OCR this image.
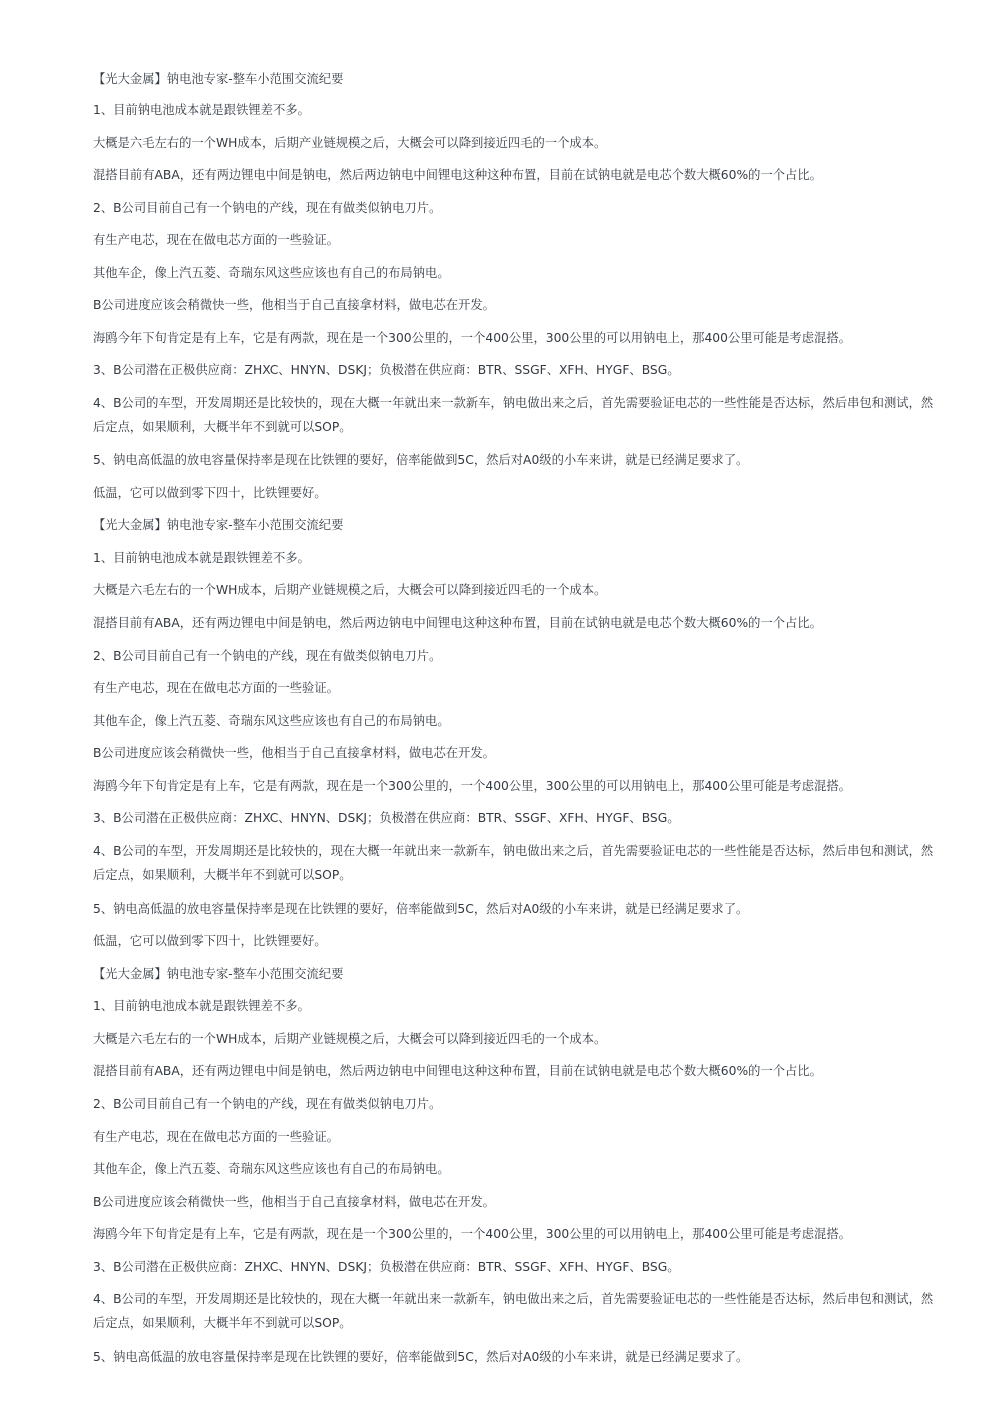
【光大金属】钠电池专家-整车小范围交流纪要
1、目前钠电池成本就是跟铁锂差不多。
大概是六毛左右的一个WH成本，后期产业链规模之后，大概会可以降到接近四毛的一个成本。
混搭目前有ABA，还有两边锂电中间是钠电，然后两边钠电中间锂电这种这种布置，目前在试钠电就是电芯个数大概60%的一个占比。
2、B公司目前自己有一个钠电的产线，现在有做类似钠电刀片。
有生产电芯，现在在做电芯方面的一些验证。
其他车企，像上汽五菱、奇瑞东风这些应该也有自己的布局钠电。
B公司进度应该会稍微快一些，他相当于自己直接拿材料，做电芯在开发。
海鸥今年下旬肯定是有上车，它是有两款，现在是一个300公里的，一个400公里，300公里的可以用钠电上，那400公里可能是考虑混搭。
3、B公司潜在正极供应商：ZHXC、HNYN、DSKJ；负极潜在供应商：BTR、SSGF、XFH、HYGF、BSG。
4、B公司的车型，开发周期还是比较快的，现在大概一年就出来一款新车，钠电做出来之后，首先需要验证电芯的一些性能是否达标，然后串包和测试，然后定点，如果顺利，大概半年不到就可以SOP。
5、钠电高低温的放电容量保持率是现在比铁锂的要好，倍率能做到5C，然后对A0级的小车来讲，就是已经满足要求了。
低温，它可以做到零下四十，比铁锂要好。
【光大金属】钠电池专家-整车小范围交流纪要
1、目前钠电池成本就是跟铁锂差不多。
大概是六毛左右的一个WH成本，后期产业链规模之后，大概会可以降到接近四毛的一个成本。
混搭目前有ABA，还有两边锂电中间是钠电，然后两边钠电中间锂电这种这种布置，目前在试钠电就是电芯个数大概60%的一个占比。
2、B公司目前自己有一个钠电的产线，现在有做类似钠电刀片。
有生产电芯，现在在做电芯方面的一些验证。
其他车企，像上汽五菱、奇瑞东风这些应该也有自己的布局钠电。
B公司进度应该会稍微快一些，他相当于自己直接拿材料，做电芯在开发。
海鸥今年下旬肯定是有上车，它是有两款，现在是一个300公里的，一个400公里，300公里的可以用钠电上，那400公里可能是考虑混搭。
3、B公司潜在正极供应商：ZHXC、HNYN、DSKJ；负极潜在供应商：BTR、SSGF、XFH、HYGF、BSG。
4、B公司的车型，开发周期还是比较快的，现在大概一年就出来一款新车，钠电做出来之后，首先需要验证电芯的一些性能是否达标，然后串包和测试，然后定点，如果顺利，大概半年不到就可以SOP。
5、钠电高低温的放电容量保持率是现在比铁锂的要好，倍率能做到5C，然后对A0级的小车来讲，就是已经满足要求了。
低温，它可以做到零下四十，比铁锂要好。
【光大金属】钠电池专家-整车小范围交流纪要
1、目前钠电池成本就是跟铁锂差不多。
大概是六毛左右的一个WH成本，后期产业链规模之后，大概会可以降到接近四毛的一个成本。
混搭目前有ABA，还有两边锂电中间是钠电，然后两边钠电中间锂电这种这种布置，目前在试钠电就是电芯个数大概60%的一个占比。
2、B公司目前自己有一个钠电的产线，现在有做类似钠电刀片。
有生产电芯，现在在做电芯方面的一些验证。
其他车企，像上汽五菱、奇瑞东风这些应该也有自己的布局钠电。
B公司进度应该会稍微快一些，他相当于自己直接拿材料，做电芯在开发。
海鸥今年下旬肯定是有上车，它是有两款，现在是一个300公里的，一个400公里，300公里的可以用钠电上，那400公里可能是考虑混搭。
3、B公司潜在正极供应商：ZHXC、HNYN、DSKJ；负极潜在供应商：BTR、SSGF、XFH、HYGF、BSG。
4、B公司的车型，开发周期还是比较快的，现在大概一年就出来一款新车，钠电做出来之后，首先需要验证电芯的一些性能是否达标，然后串包和测试，然后定点，如果顺利，大概半年不到就可以SOP。
5、钠电高低温的放电容量保持率是现在比铁锂的要好，倍率能做到5C，然后对A0级的小车来讲，就是已经满足要求了。
